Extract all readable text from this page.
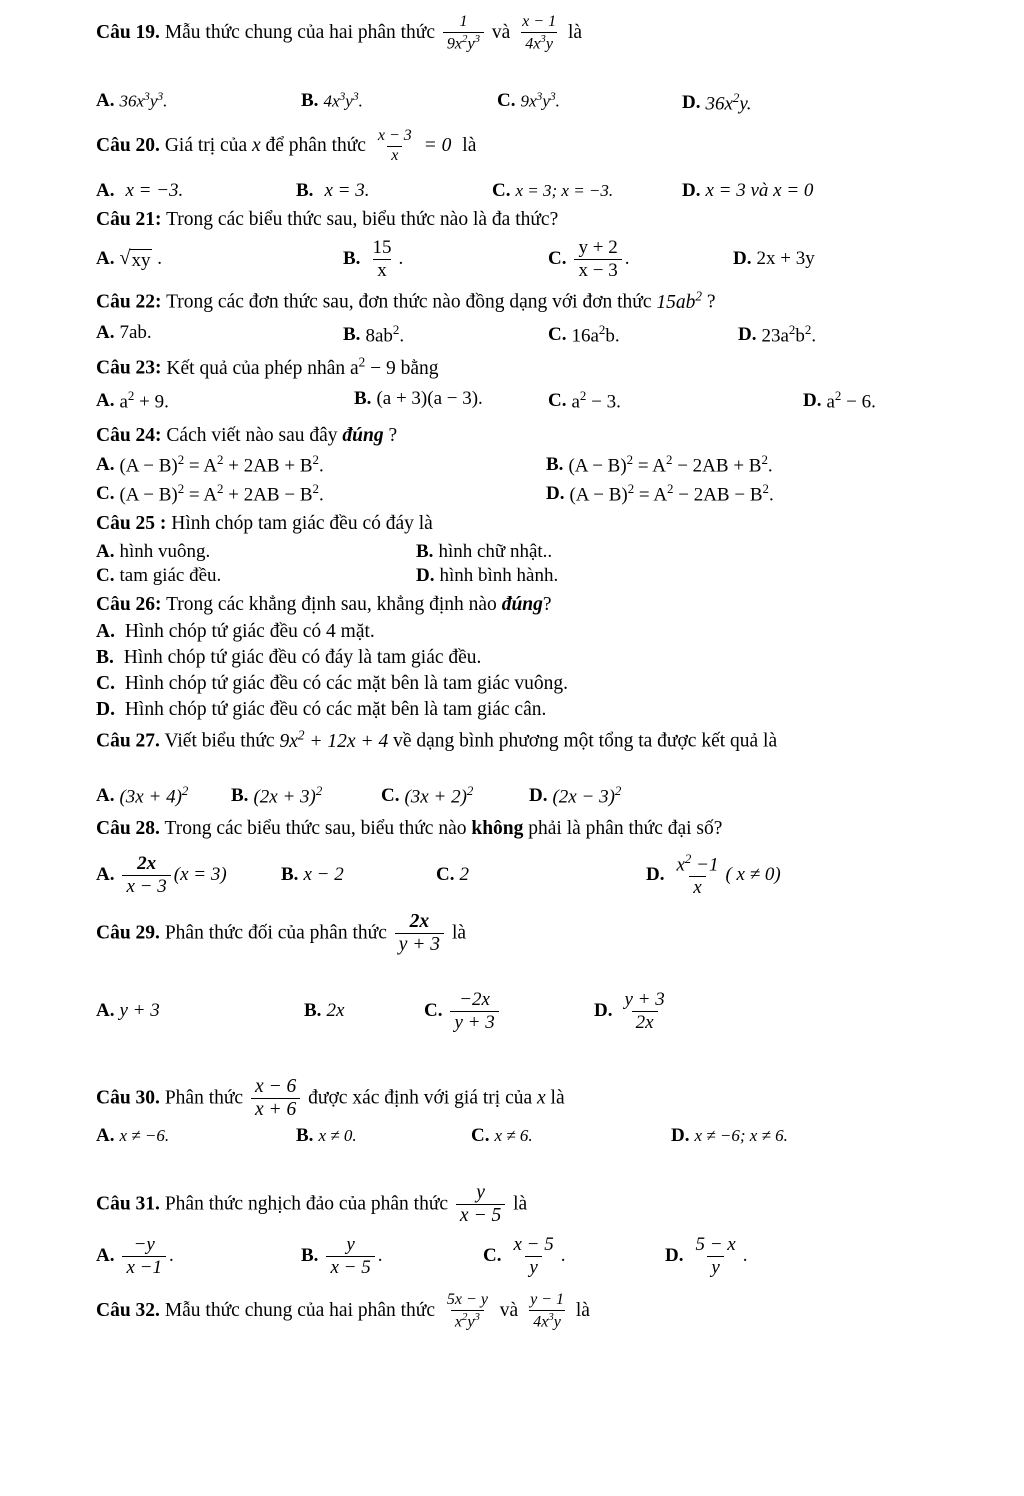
Câu 19. Mẫu thức chung của hai phân thức $\frac{1}{9x^2y^3}$ và $\frac{x - 1}{4x^3y}$ là
A. $36x^3y^3$.	B. $4x^3y^3$.	C. $9x^3y^3$.	D. $36x^2y$.
Câu 20. Giá trị của x để phân thức $\frac{x - 3}{x} = 0$ là
A. x = −3.	B. x = 3.	C. x = 3; x = −3.	D. x = 3 và x = 0
Câu 21: Trong các biểu thức sau, biểu thức nào là đa thức?
A. √ xy .	B. $\frac{15}{x}$ .	C. $\frac{y + 2}{x - 3}$ .	D. 2x + 3y
Câu 22: Trong các đơn thức sau, đơn thức nào đồng dạng với đơn thức $15ab^2$ ?
A. 7ab.	B. $8ab^2$.	C. $16a^2b$.	D. $23a^2b^2$.
Câu 23: Kết quả của phép nhân $a^2 - 9$ bằng
A. $a^2 + 9$.	B. (a + 3)(a − 3).	C. $a^2 - 3$.	D. $a^2 - 6$.
Câu 24: Cách viết nào sau đây đúng ?
A. $(A - B)^2 = A^2 + 2AB + B^2$.	B. $(A - B)^2 = A^2 - 2AB + B^2$.
C. $(A - B)^2 = A^2 + 2AB - B^2$.	D. $(A - B)^2 = A^2 - 2AB - B^2$.
Câu 25 : Hình chóp tam giác đều có đáy là
A. hình vuông.	B. hình chữ nhật..
C. tam giác đều.	D. hình bình hành.
Câu 26: Trong các khẳng định sau, khẳng định nào đúng?
A. Hình chóp tứ giác đều có 4 mặt.
B. Hình chóp tứ giác đều có đáy là tam giác đều.
C. Hình chóp tứ giác đều có các mặt bên là tam giác vuông.
D. Hình chóp tứ giác đều có các mặt bên là tam giác cân.
Câu 27. Viết biểu thức $9x^2 + 12x + 4$ về dạng bình phương một tổng ta được kết quả là
A. $(3x + 4)^2$ B. $(2x + 3)^2$	C. $(3x + 2)^2$	D. $(2x - 3)^2$
Câu 28. Trong các biểu thức sau, biểu thức nào không phải là phân thức đại số?
A. $\frac{2x}{x - 3} (x = 3)$	B. x − 2	C. 2	D. $\frac{x^2 -1}{x}$ ( x ≠ 0)
Câu 29. Phân thức đối của phân thức $\frac{2x}{y + 3}$ là
A. y + 3	B. 2x	C. $\frac{-2x}{y + 3}$	D. $\frac{y + 3}{2x}$
Câu 30. Phân thức $\frac{x - 6}{x + 6}$ được xác định với giá trị của x là
A. x ≠ −6.	B. x ≠ 0.	C. x ≠ 6.	D. x ≠ −6; x ≠ 6.
Câu 31. Phân thức nghịch đảo của phân thức $\frac{y}{x - 5}$ là
A. $\frac{-y}{x -1}$ .	B. $\frac{y}{x - 5}$ .	C. $\frac{x - 5}{y}$ .	D. $\frac{5 - x}{y}$ .
Câu 32. Mẫu thức chung của hai phân thức $\frac{5x - y}{x^2y^3}$ và $\frac{y - 1}{4x^3y}$ là
